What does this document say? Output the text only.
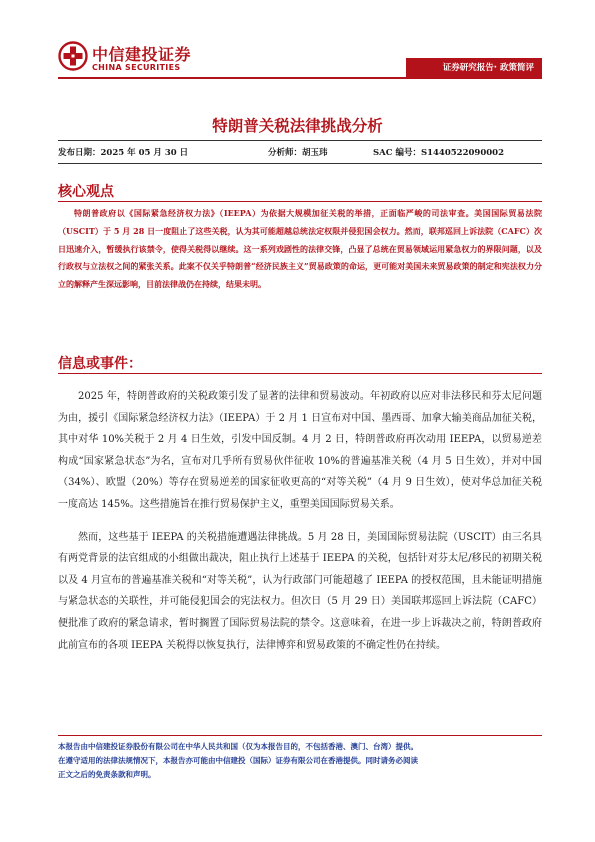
中信建投证券
CHINA SECURITIES	证券研究报告· 政策简评
特朗普关税法律挑战分析
发布日期：2025 年 05 月 30 日	分析师：胡玉玮	SAC 编号：S1440522090002
核心观点

特朗普政府以《国际紧急经济权力法》（IEEPA）为依据大规模加征关税的举措，正面临严峻的司法审查。美国国际贸易法院（USCIT）于 5 月 28 日一度阻止了这些关税，认为其可能超越总统法定权限并侵犯国会权力。然而，联邦巡回上诉法院（CAFC）次日迅速介入，暂缓执行该禁令，使得关税得以继续。这一系列戏剧性的法律交锋，凸显了总统在贸易领域运用紧急权力的界限问题，以及行政权与立法权之间的紧张关系。此案不仅关乎特朗普“经济民族主义”贸易政策的命运，更可能对美国未来贸易政策的制定和宪法权力分立的解释产生深远影响，目前法律战仍在持续，结果未明。

信息或事件：

2025 年，特朗普政府的关税政策引发了显著的法律和贸易波动。年初政府以应对非法移民和芬太尼问题为由，援引《国际紧急经济权力法》（IEEPA）于 2 月 1 日宣布对中国、墨西哥、加拿大输美商品加征关税，其中对华 10%关税于 2 月 4 日生效，引发中国反制。4 月 2 日，特朗普政府再次动用 IEEPA，以贸易逆差构成“国家紧急状态”为名，宣布对几乎所有贸易伙伴征收 10%的普遍基准关税（4 月 5 日生效），并对中国（34%）、欧盟（20%）等存在贸易逆差的国家征收更高的“对等关税”（4 月 9 日生效），使对华总加征关税一度高达 145%。这些措施旨在推行贸易保护主义，重塑美国国际贸易关系。

然而，这些基于 IEEPA 的关税措施遭遇法律挑战。5 月 28 日，美国国际贸易法院（USCIT）由三名具有两党背景的法官组成的小组做出裁决，阻止执行上述基于 IEEPA 的关税，包括针对芬太尼/移民的初期关税以及 4 月宣布的普遍基准关税和“对等关税”，认为行政部门可能超越了 IEEPA 的授权范围，且未能证明措施与紧急状态的关联性，并可能侵犯国会的宪法权力。但次日（5 月 29 日）美国联邦巡回上诉法院（CAFC）便批准了政府的紧急请求，暂时搁置了国际贸易法院的禁令。这意味着，在进一步上诉裁决之前，特朗普政府此前宣布的各项 IEEPA 关税得以恢复执行，法律博弈和贸易政策的不确定性仍在持续。

本报告由中信建投证券股份有限公司在中华人民共和国（仅为本报告目的，不包括香港、澳门、台湾）提供。

在遵守适用的法律法规情况下，本报告亦可能由中信建投（国际）证券有限公司在香港提供。同时请务必阅读

正文之后的免责条款和声明。
